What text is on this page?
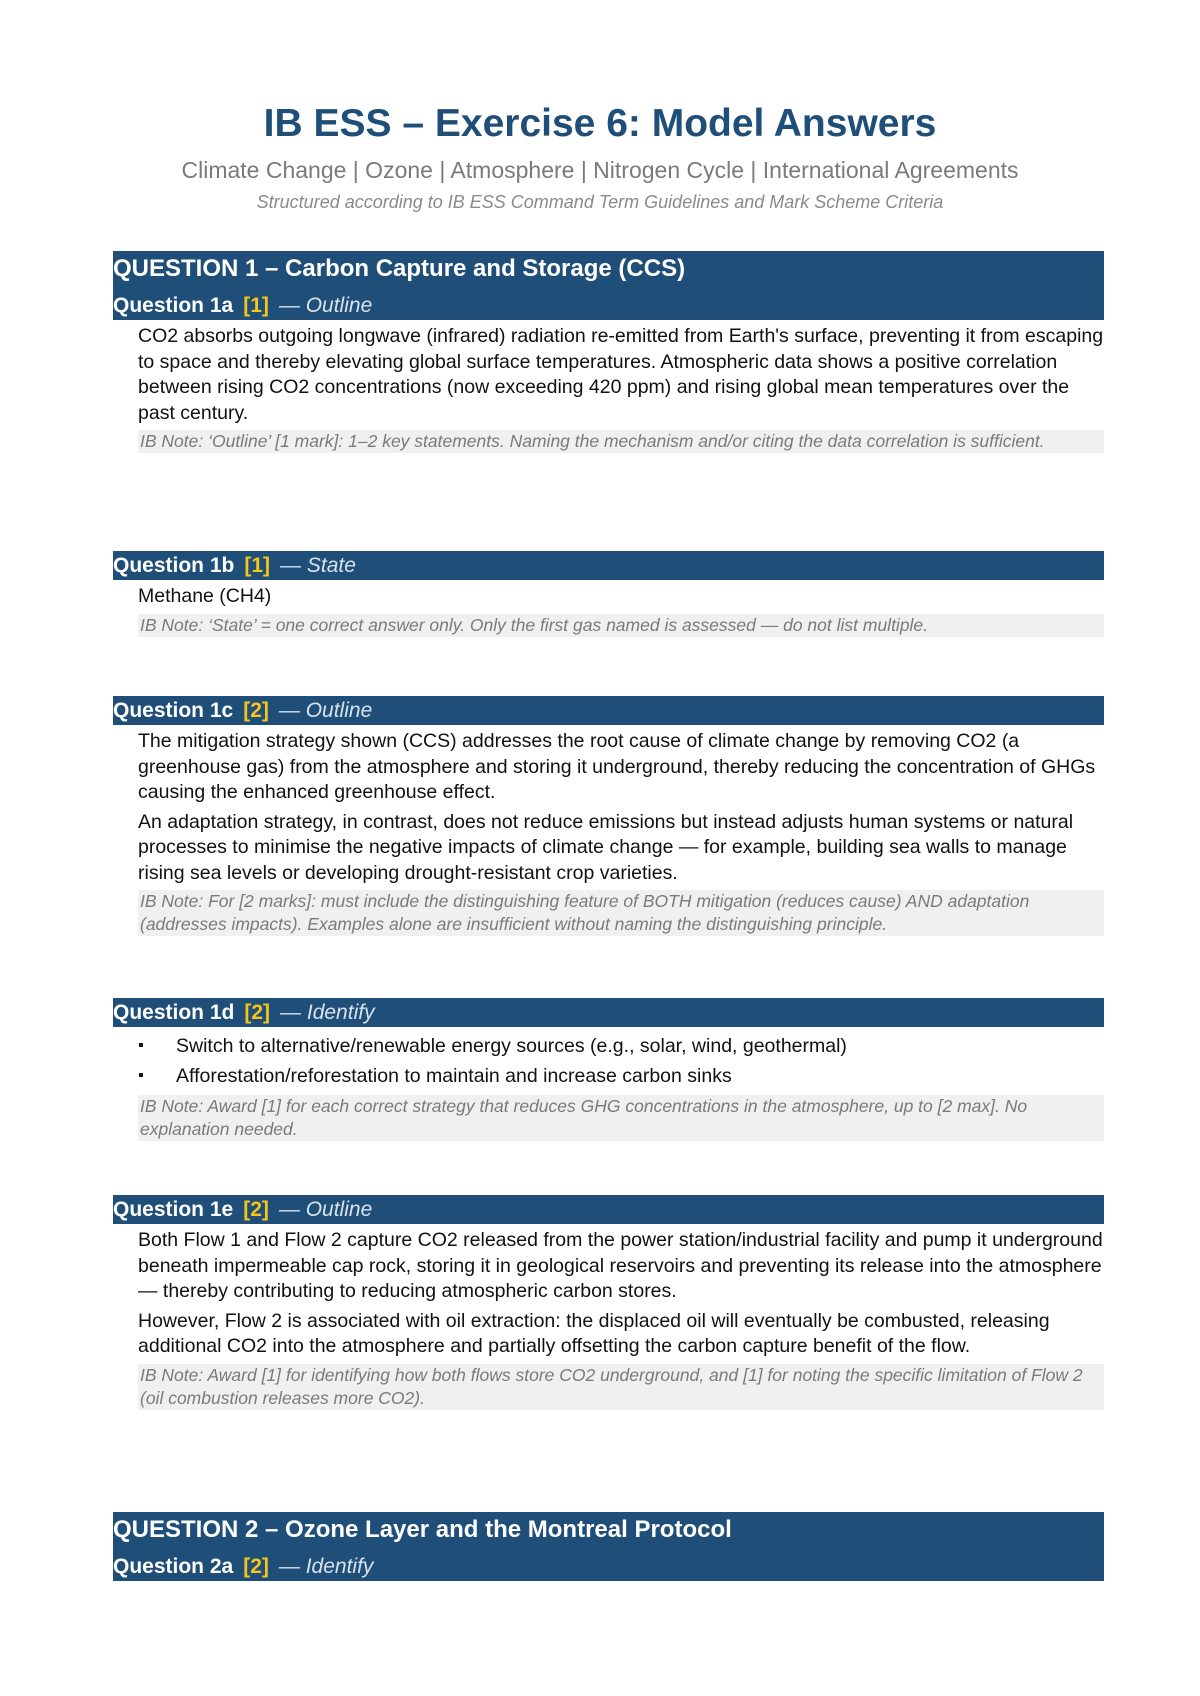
IB ESS – Exercise 6: Model Answers
Climate Change | Ozone | Atmosphere | Nitrogen Cycle | International Agreements
Structured according to IB ESS Command Term Guidelines and Mark Scheme Criteria
QUESTION 1 – Carbon Capture and Storage (CCS)
Question 1a [1] — Outline

CO2 absorbs outgoing longwave (infrared) radiation re-emitted from Earth's surface, preventing it from escaping to space and thereby elevating global surface temperatures. Atmospheric data shows a positive correlation between rising CO2 concentrations (now exceeding 420 ppm) and rising global mean temperatures over the past century.

IB Note: ‘Outline’ [1 mark]: 1–2 key statements. Naming the mechanism and/or citing the data correlation is sufficient.
Question 1b [1] — State

Methane (CH4)

IB Note: ‘State’ = one correct answer only. Only the first gas named is assessed — do not list multiple.
Question 1c [2] — Outline

The mitigation strategy shown (CCS) addresses the root cause of climate change by removing CO2 (a greenhouse gas) from the atmosphere and storing it underground, thereby reducing the concentration of GHGs causing the enhanced greenhouse effect.

An adaptation strategy, in contrast, does not reduce emissions but instead adjusts human systems or natural processes to minimise the negative impacts of climate change — for example, building sea walls to manage rising sea levels or developing drought-resistant crop varieties.

IB Note: For [2 marks]: must include the distinguishing feature of BOTH mitigation (reduces cause) AND adaptation (addresses impacts). Examples alone are insufficient without naming the distinguishing principle.
Question 1d [2] — Identify
▪ Switch to alternative/renewable energy sources (e.g., solar, wind, geothermal)
▪ Afforestation/reforestation to maintain and increase carbon sinks
IB Note: Award [1] for each correct strategy that reduces GHG concentrations in the atmosphere, up to [2 max]. No explanation needed.
Question 1e [2] — Outline

Both Flow 1 and Flow 2 capture CO2 released from the power station/industrial facility and pump it underground beneath impermeable cap rock, storing it in geological reservoirs and preventing its release into the atmosphere — thereby contributing to reducing atmospheric carbon stores.

However, Flow 2 is associated with oil extraction: the displaced oil will eventually be combusted, releasing additional CO2 into the atmosphere and partially offsetting the carbon capture benefit of the flow.

IB Note: Award [1] for identifying how both flows store CO2 underground, and [1] for noting the specific limitation of Flow 2 (oil combustion releases more CO2).
QUESTION 2 – Ozone Layer and the Montreal Protocol
Question 2a [2] — Identify
